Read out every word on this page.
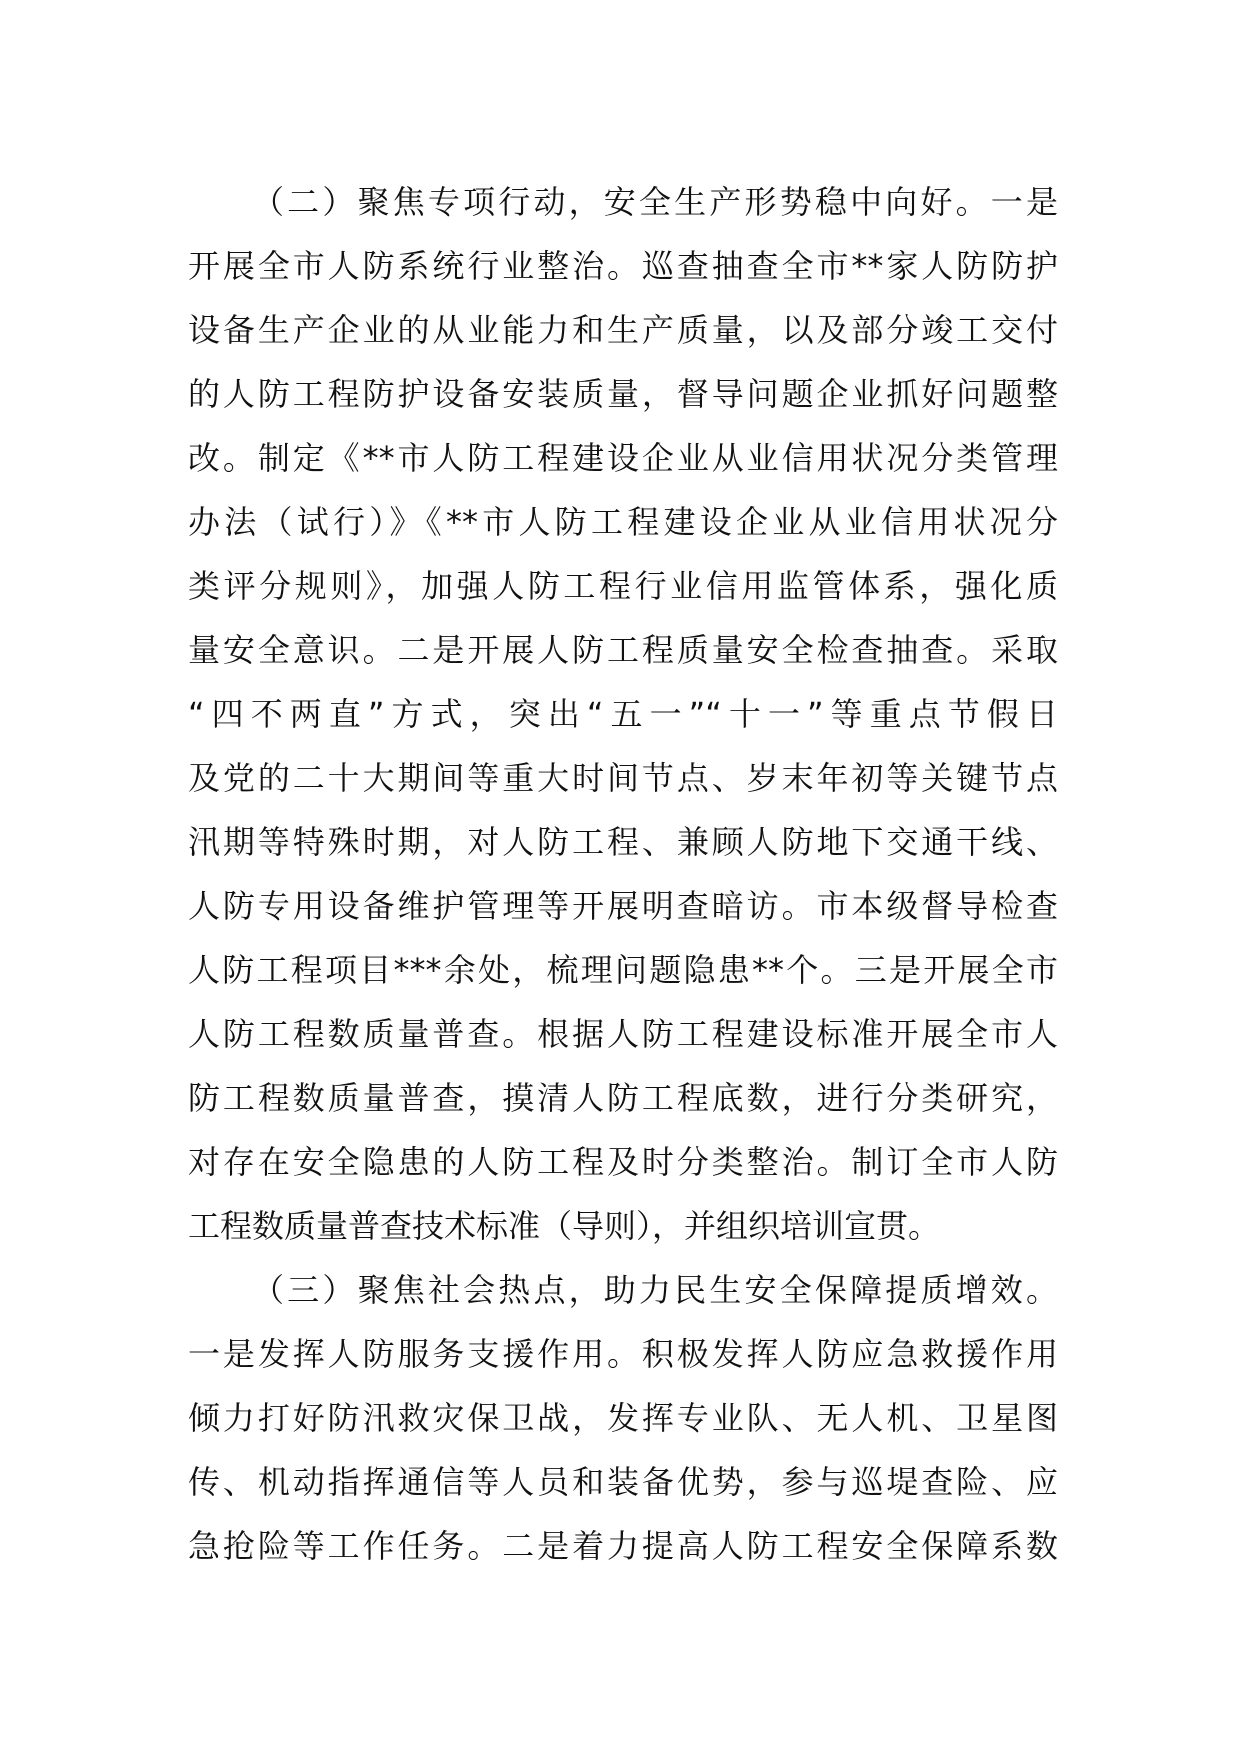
（二）聚焦专项行动，安全生产形势稳中向好。一是
开展全市人防系统行业整治。巡查抽查全市**家人防防护
设备生产企业的从业能力和生产质量，以及部分竣工交付
的人防工程防护设备安装质量，督导问题企业抓好问题整
改。制定《**市人防工程建设企业从业信用状况分类管理
办法（试行）》《**市人防工程建设企业从业信用状况分
类评分规则》，加强人防工程行业信用监管体系，强化质
量安全意识。二是开展人防工程质量安全检查抽查。采取
“四不两直”方式，突出“五一”“十一”等重点节假日
及党的二十大期间等重大时间节点、岁末年初等关键节点
汛期等特殊时期，对人防工程、兼顾人防地下交通干线、
人防专用设备维护管理等开展明查暗访。市本级督导检查
人防工程项目***余处，梳理问题隐患**个。三是开展全市
人防工程数质量普查。根据人防工程建设标准开展全市人
防工程数质量普查，摸清人防工程底数，进行分类研究，
对存在安全隐患的人防工程及时分类整治。制订全市人防
工程数质量普查技术标准（导则），并组织培训宣贯。
（三）聚焦社会热点，助力民生安全保障提质增效。
一是发挥人防服务支援作用。积极发挥人防应急救援作用
倾力打好防汛救灾保卫战，发挥专业队、无人机、卫星图
传、机动指挥通信等人员和装备优势，参与巡堤查险、应
急抢险等工作任务。二是着力提高人防工程安全保障系数
